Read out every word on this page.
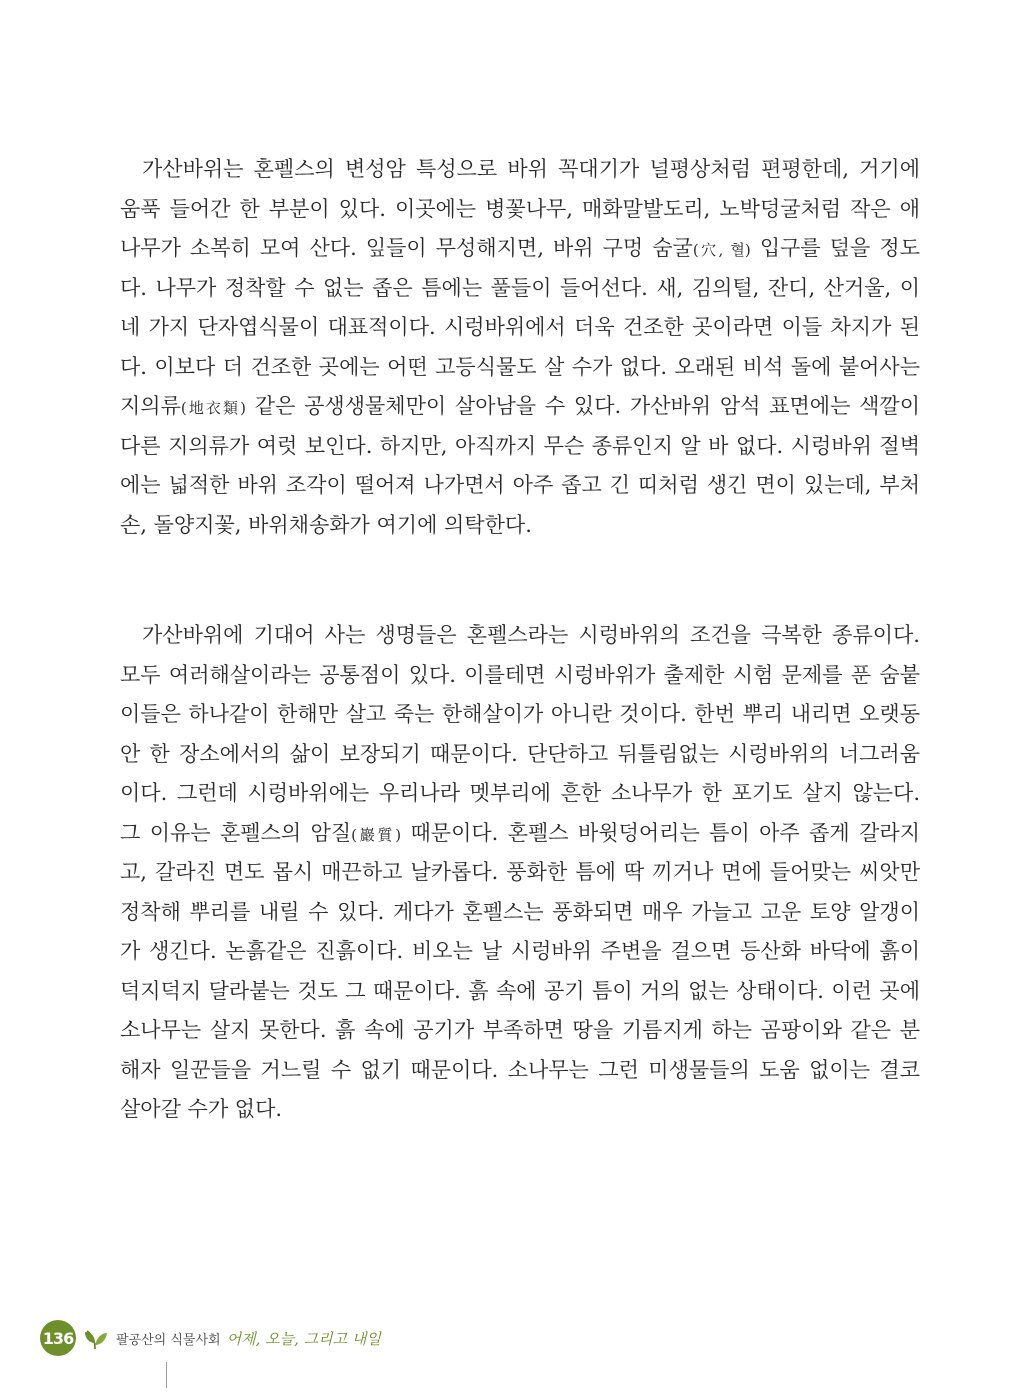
가산바위는 혼펠스의 변성암 특성으로 바위 꼭대기가 널평상처럼 편평한데, 거기에
움푹 들어간 한 부분이 있다. 이곳에는 병꽃나무, 매화말발도리, 노박덩굴처럼 작은 애
나무가 소복히 모여 산다. 잎들이 무성해지면, 바위 구멍 숨굴(穴, 혈) 입구를 덮을 정도
다. 나무가 정착할 수 없는 좁은 틈에는 풀들이 들어선다. 새, 김의털, 잔디, 산거울, 이
네 가지 단자엽식물이 대표적이다. 시렁바위에서 더욱 건조한 곳이라면 이들 차지가 된
다. 이보다 더 건조한 곳에는 어떤 고등식물도 살 수가 없다. 오래된 비석 돌에 붙어사는
지의류(地衣類) 같은 공생생물체만이 살아남을 수 있다. 가산바위 암석 표면에는 색깔이
다른 지의류가 여럿 보인다. 하지만, 아직까지 무슨 종류인지 알 바 없다. 시렁바위 절벽
에는 넓적한 바위 조각이 떨어져 나가면서 아주 좁고 긴 띠처럼 생긴 면이 있는데, 부처
손, 돌양지꽃, 바위채송화가 여기에 의탁한다.
가산바위에 기대어 사는 생명들은 혼펠스라는 시렁바위의 조건을 극복한 종류이다.
모두 여러해살이라는 공통점이 있다. 이를테면 시렁바위가 출제한 시험 문제를 푼 숨붙
이들은 하나같이 한해만 살고 죽는 한해살이가 아니란 것이다. 한번 뿌리 내리면 오랫동
안 한 장소에서의 삶이 보장되기 때문이다. 단단하고 뒤틀림없는 시렁바위의 너그러움
이다. 그런데 시렁바위에는 우리나라 멧부리에 흔한 소나무가 한 포기도 살지 않는다.
그 이유는 혼펠스의 암질(巖質) 때문이다. 혼펠스 바윗덩어리는 틈이 아주 좁게 갈라지
고, 갈라진 면도 몹시 매끈하고 날카롭다. 풍화한 틈에 딱 끼거나 면에 들어맞는 씨앗만
정착해 뿌리를 내릴 수 있다. 게다가 혼펠스는 풍화되면 매우 가늘고 고운 토양 알갱이
가 생긴다. 논흙같은 진흙이다. 비오는 날 시렁바위 주변을 걸으면 등산화 바닥에 흙이
덕지덕지 달라붙는 것도 그 때문이다. 흙 속에 공기 틈이 거의 없는 상태이다. 이런 곳에
소나무는 살지 못한다. 흙 속에 공기가 부족하면 땅을 기름지게 하는 곰팡이와 같은 분
해자 일꾼들을 거느릴 수 없기 때문이다. 소나무는 그런 미생물들의 도움 없이는 결코
살아갈 수가 없다.
136	팔공산의 식물사회 어제, 오늘, 그리고 내일
